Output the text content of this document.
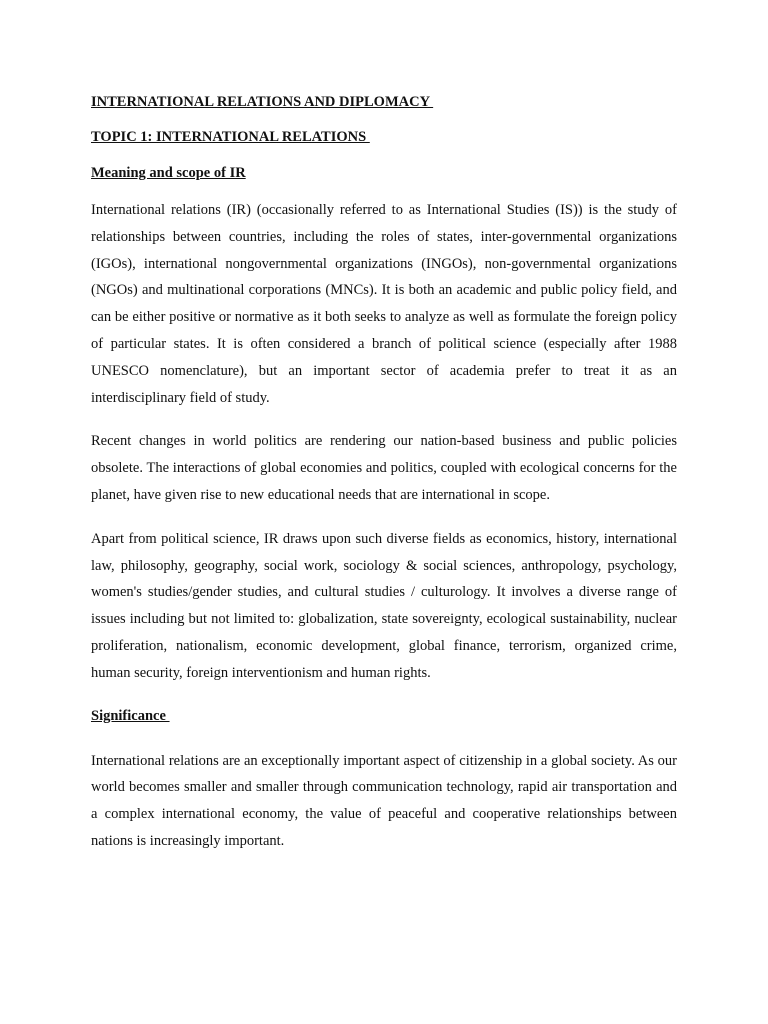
INTERNATIONAL RELATIONS AND DIPLOMACY

TOPIC 1: INTERNATIONAL RELATIONS

Meaning and scope of IR

International relations (IR) (occasionally referred to as International Studies (IS)) is the study of relationships between countries, including the roles of states, inter-governmental organizations (IGOs), international nongovernmental organizations (INGOs), non-governmental organizations (NGOs) and multinational corporations (MNCs). It is both an academic and public policy field, and can be either positive or normative as it both seeks to analyze as well as formulate the foreign policy of particular states. It is often considered a branch of political science (especially after 1988 UNESCO nomenclature), but an important sector of academia prefer to treat it as an interdisciplinary field of study.

Recent changes in world politics are rendering our nation-based business and public policies obsolete. The interactions of global economies and politics, coupled with ecological concerns for the planet, have given rise to new educational needs that are international in scope.

Apart from political science, IR draws upon such diverse fields as economics, history, international law, philosophy, geography, social work, sociology & social sciences, anthropology, psychology, women's studies/gender studies, and cultural studies / culturology. It involves a diverse range of issues including but not limited to: globalization, state sovereignty, ecological sustainability, nuclear proliferation, nationalism, economic development, global finance, terrorism, organized crime, human security, foreign interventionism and human rights.

Significance

International relations are an exceptionally important aspect of citizenship in a global society. As our world becomes smaller and smaller through communication technology, rapid air transportation and a complex international economy, the value of peaceful and cooperative relationships between nations is increasingly important.
